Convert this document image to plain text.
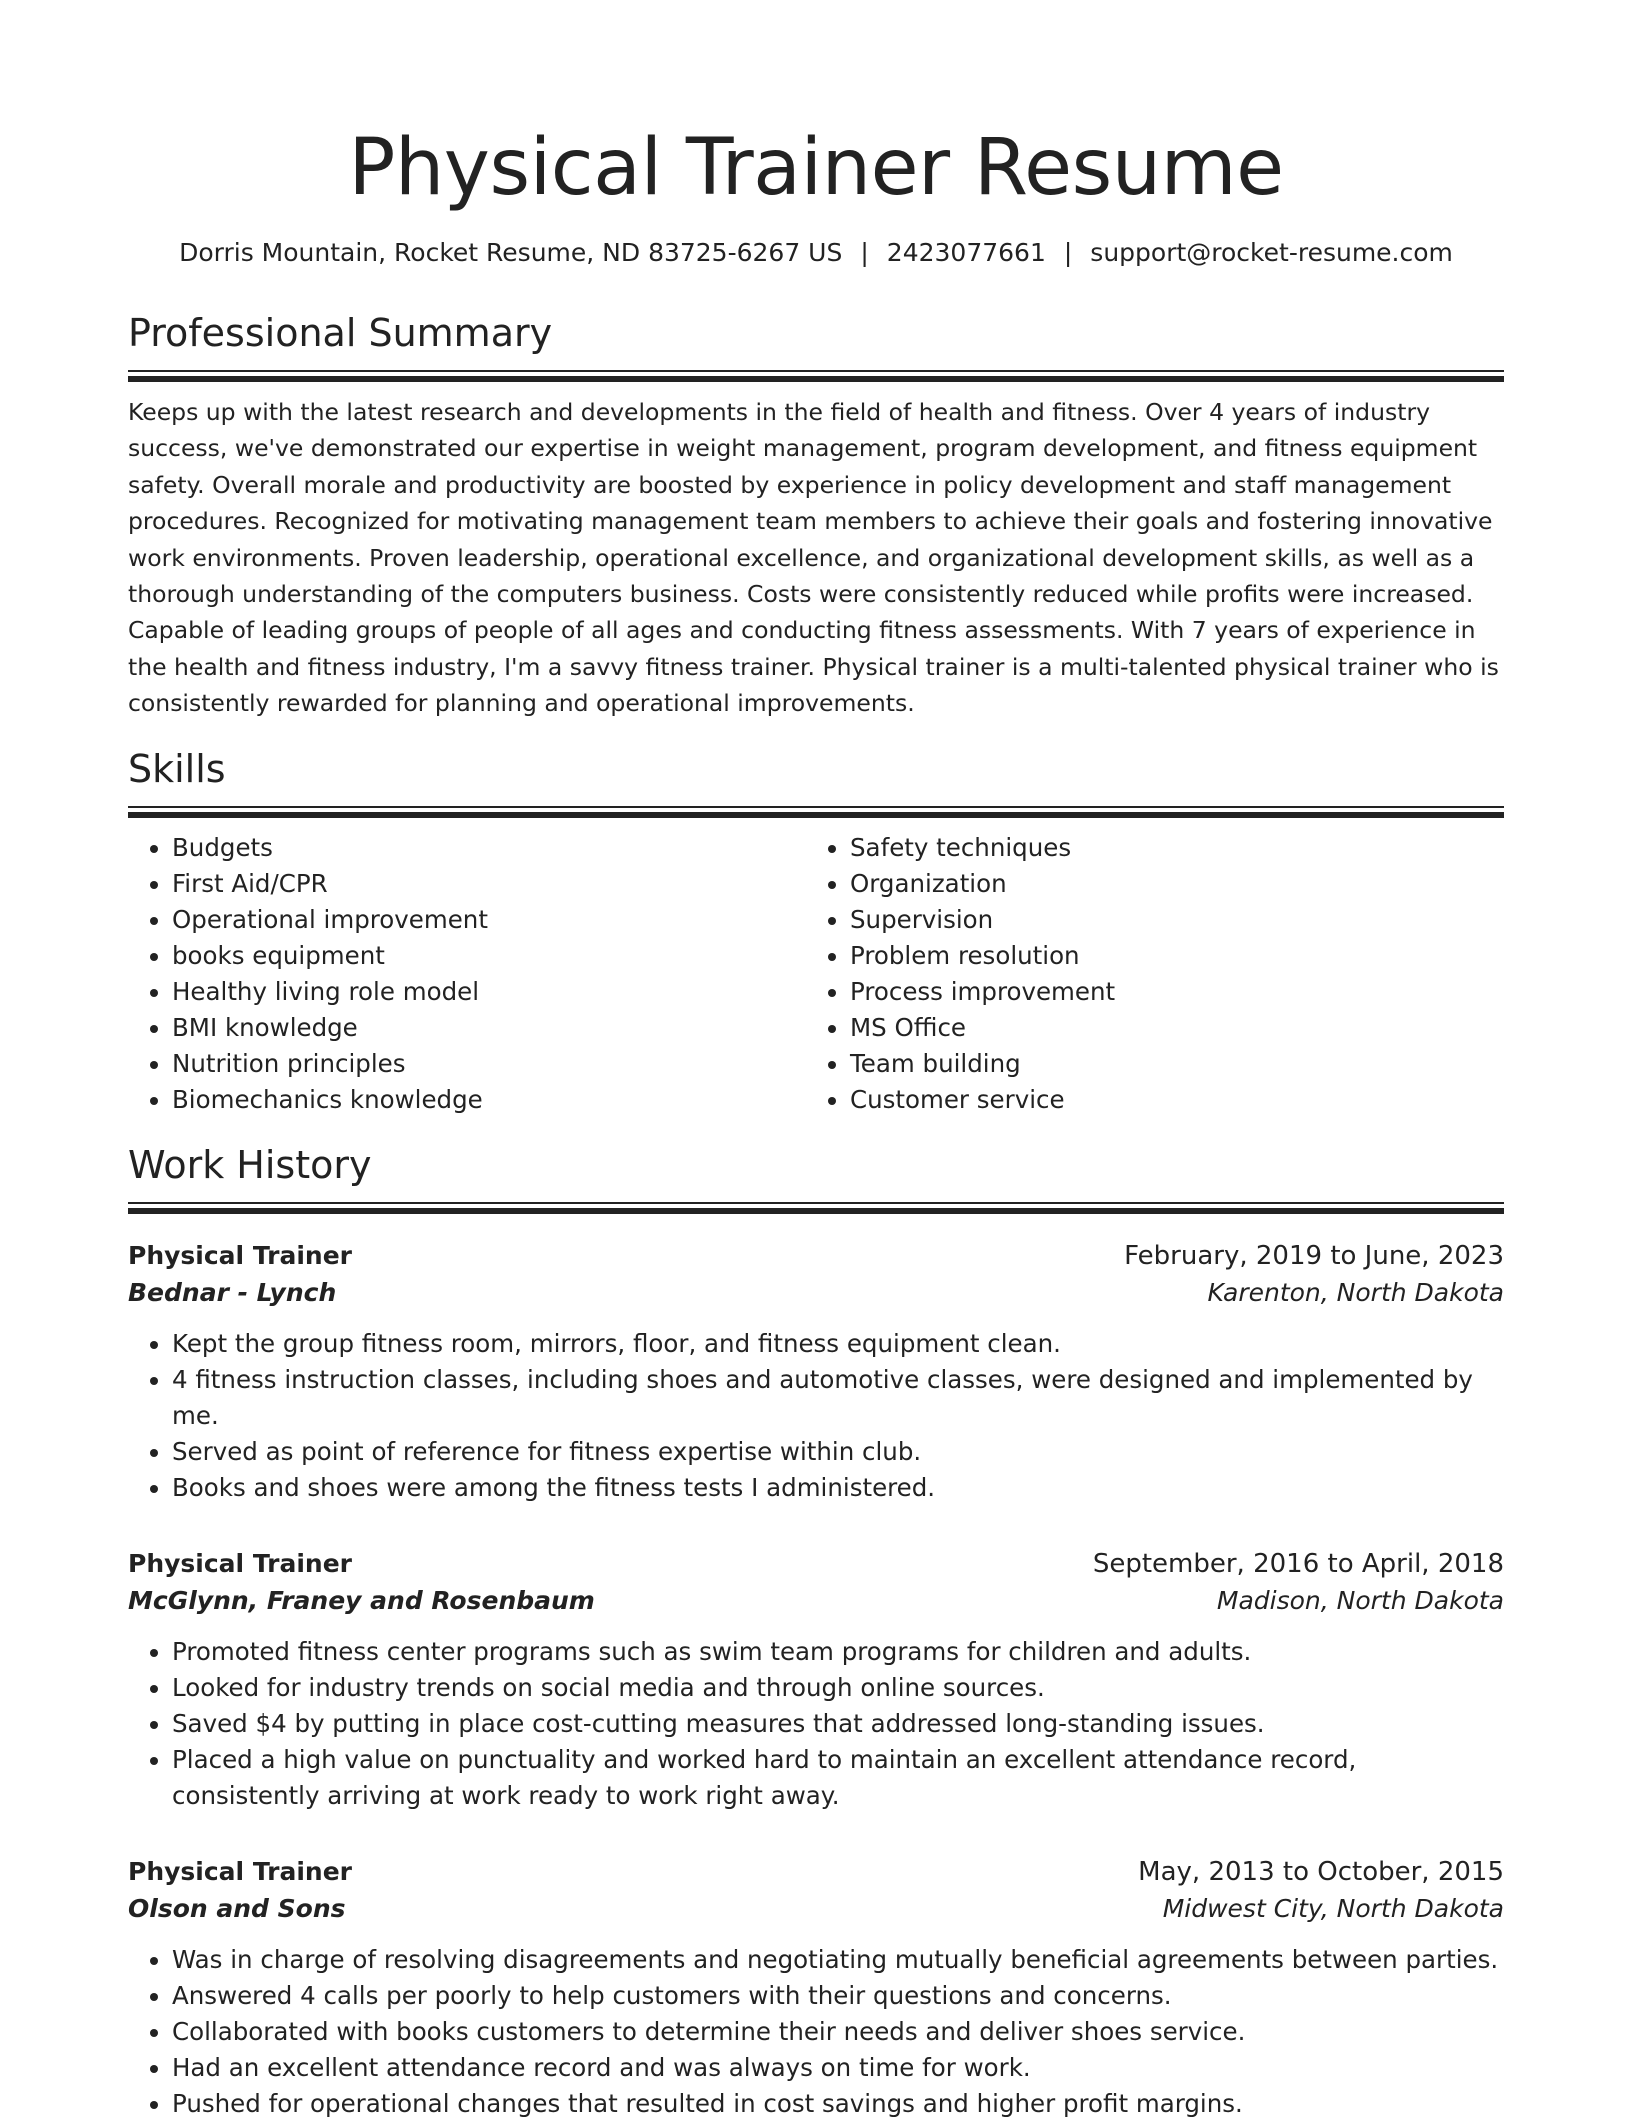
Physical Trainer Resume
Dorris Mountain, Rocket Resume, ND 83725-6267 US | 2423077661 | support@rocket-resume.com
Professional Summary
Keeps up with the latest research and developments in the field of health and fitness. Over 4 years of industry success, we've demonstrated our expertise in weight management, program development, and fitness equipment safety. Overall morale and productivity are boosted by experience in policy development and staff management procedures. Recognized for motivating management team members to achieve their goals and fostering innovative work environments. Proven leadership, operational excellence, and organizational development skills, as well as a thorough understanding of the computers business. Costs were consistently reduced while profits were increased. Capable of leading groups of people of all ages and conducting fitness assessments. With 7 years of experience in the health and fitness industry, I'm a savvy fitness trainer. Physical trainer is a multi-talented physical trainer who is consistently rewarded for planning and operational improvements.
Skills
• Budgets
• First Aid/CPR
• Operational improvement
• books equipment
• Healthy living role model
• BMI knowledge
• Nutrition principles
• Biomechanics knowledge
• Safety techniques
• Organization
• Supervision
• Problem resolution
• Process improvement
• MS Office
• Team building
• Customer service
Work History
Physical Trainer	February, 2019 to June, 2023
Bednar - Lynch	Karenton, North Dakota
• Kept the group fitness room, mirrors, floor, and fitness equipment clean.
• 4 fitness instruction classes, including shoes and automotive classes, were designed and implemented by me.
• Served as point of reference for fitness expertise within club.
• Books and shoes were among the fitness tests I administered.
Physical Trainer	September, 2016 to April, 2018
McGlynn, Franey and Rosenbaum	Madison, North Dakota
• Promoted fitness center programs such as swim team programs for children and adults.
• Looked for industry trends on social media and through online sources.
• Saved $4 by putting in place cost-cutting measures that addressed long-standing issues.
• Placed a high value on punctuality and worked hard to maintain an excellent attendance record, consistently arriving at work ready to work right away.
Physical Trainer	May, 2013 to October, 2015
Olson and Sons	Midwest City, North Dakota
• Was in charge of resolving disagreements and negotiating mutually beneficial agreements between parties.
• Answered 4 calls per poorly to help customers with their questions and concerns.
• Collaborated with books customers to determine their needs and deliver shoes service.
• Had an excellent attendance record and was always on time for work.
• Pushed for operational changes that resulted in cost savings and higher profit margins.
